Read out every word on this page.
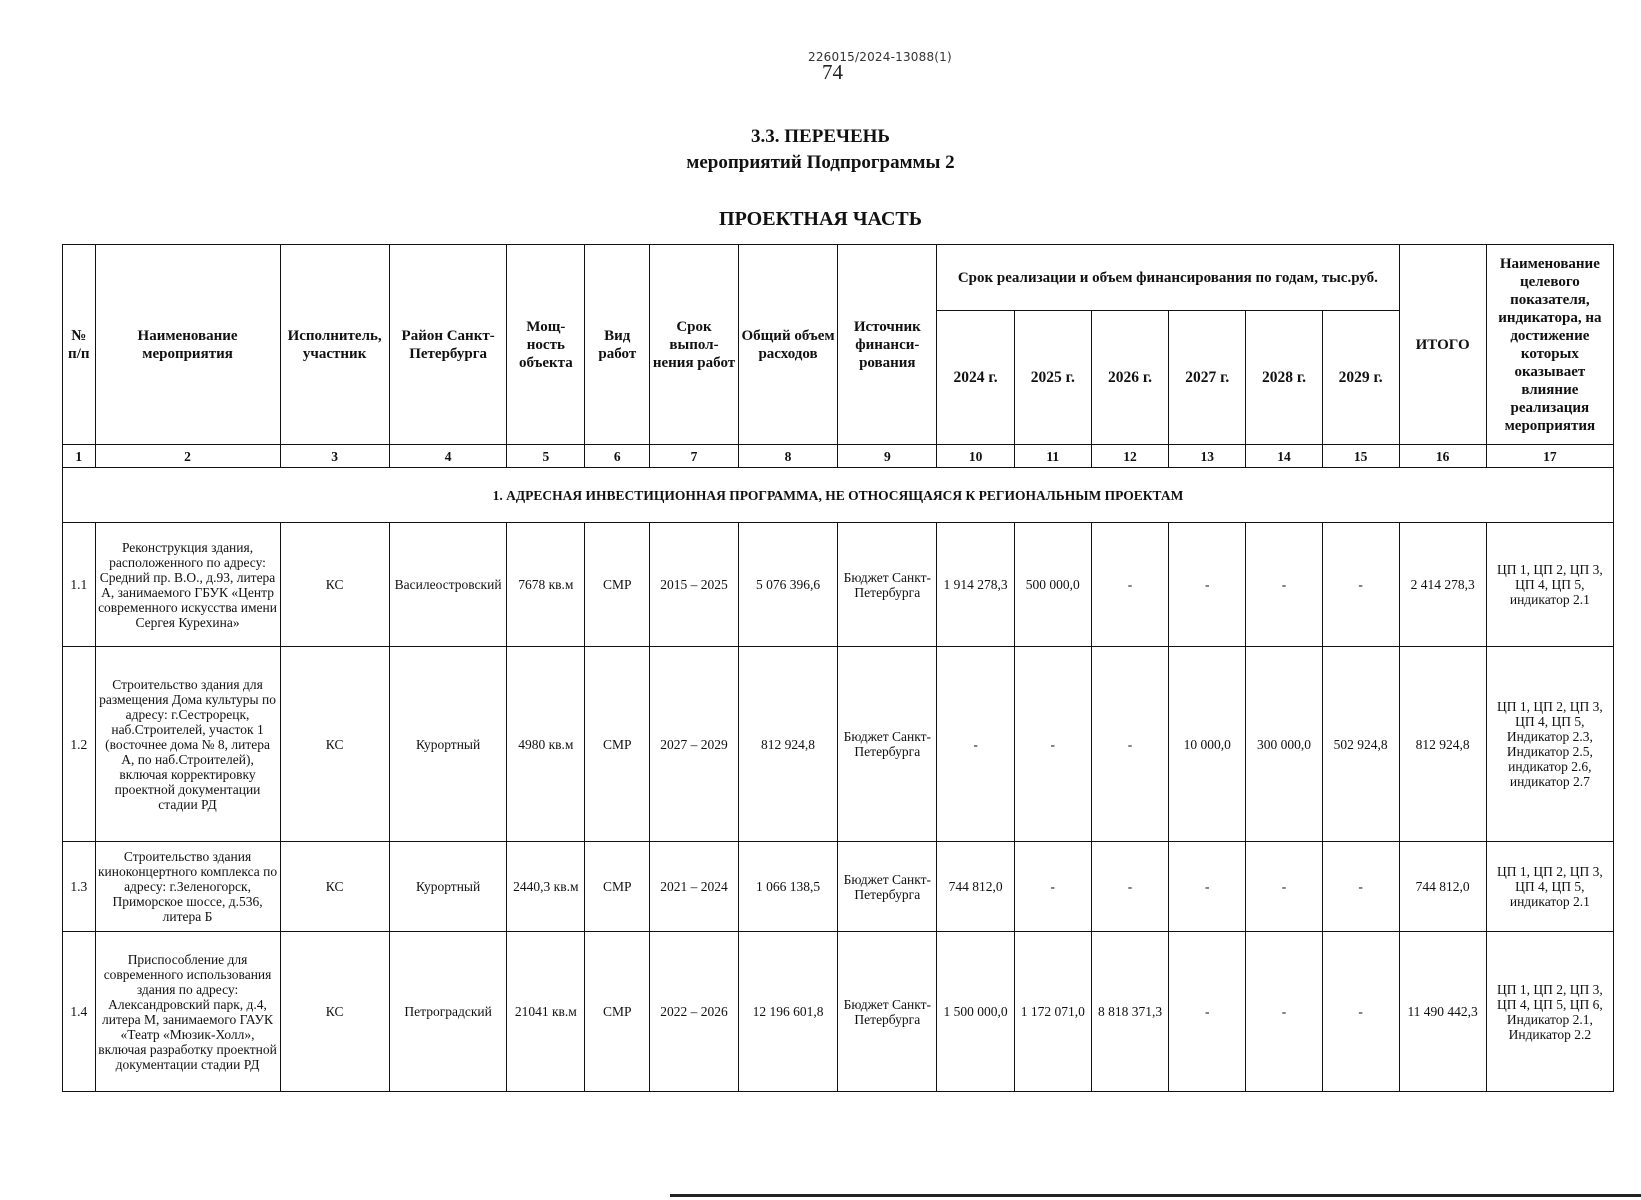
226015/2024-13088(1)
74
3.3. ПЕРЕЧЕНЬ
мероприятий Подпрограммы 2
ПРОЕКТНАЯ ЧАСТЬ
№ п/п	Наименование мероприятия	Исполнитель, участник	Район Санкт-Петербурга	Мощ-ность объекта	Вид работ	Срок выпол-нения работ	Общий объем расходов	Источник финанси-рования	Срок реализации и объем финансирования по годам, тыс.руб.						ИТОГО	Наименование целевого показателя, индикатора, на достижение которых оказывает влияние реализация мероприятия
									2024 г.	2025 г.	2026 г.	2027 г.	2028 г.	2029 г.		
1	2	3	4	5	6	7	8	9	10	11	12	13	14	15	16	17
1. АДРЕСНАЯ ИНВЕСТИЦИОННАЯ ПРОГРАММА, НЕ ОТНОСЯЩАЯСЯ К РЕГИОНАЛЬНЫМ ПРОЕКТАМ																
1.1	Реконструкция здания, расположенного по адресу: Средний пр. В.О., д.93, литера А, занимаемого ГБУК «Центр современного искусства имени Сергея Курехина»	КС	Василеостровский	7678 кв.м	СМР	2015 – 2025	5 076 396,6	Бюджет Санкт-Петербурга	1 914 278,3	500 000,0	-	-	-	-	2 414 278,3	ЦП 1, ЦП 2, ЦП 3, ЦП 4, ЦП 5, индикатор 2.1
1.2	Строительство здания для размещения Дома культуры по адресу: г.Сестрорецк, наб.Строителей, участок 1 (восточнее дома № 8, литера А, по наб.Строителей), включая корректировку проектной документации стадии РД	КС	Курортный	4980 кв.м	СМР	2027 – 2029	812 924,8	Бюджет Санкт-Петербурга	-	-	-	10 000,0	300 000,0	502 924,8	812 924,8	ЦП 1, ЦП 2, ЦП 3, ЦП 4, ЦП 5, Индикатор 2.3, Индикатор 2.5, индикатор 2.6, индикатор 2.7
1.3	Строительство здания кинoконцертного комплекса по адресу: г.Зеленогорск, Приморское шоссе, д.536, литера Б	КС	Курортный	2440,3 кв.м	СМР	2021 – 2024	1 066 138,5	Бюджет Санкт-Петербурга	744 812,0	-	-	-	-	-	744 812,0	ЦП 1, ЦП 2, ЦП 3, ЦП 4, ЦП 5, индикатор 2.1
1.4	Приспособление для современного использования здания по адресу: Александровский парк, д.4, литера М, занимаемого ГАУК «Театр «Мюзик-Холл», включая разработку проектной документации стадии РД	КС	Петроградский	21041 кв.м	СМР	2022 – 2026	12 196 601,8	Бюджет Санкт-Петербурга	1 500 000,0	1 172 071,0	8 818 371,3	-	-	-	11 490 442,3	ЦП 1, ЦП 2, ЦП 3, ЦП 4, ЦП 5, ЦП 6, Индикатор 2.1, Индикатор 2.2
